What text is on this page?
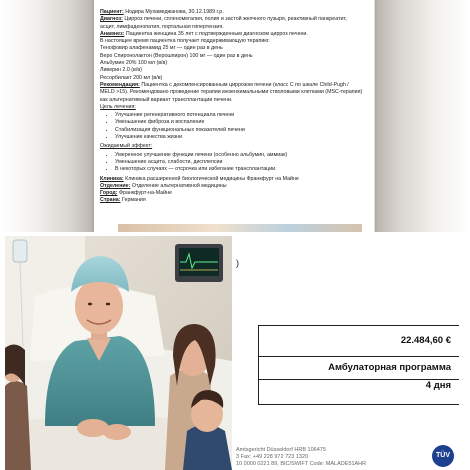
Пациент: Нодира Мухамеджанова, 30.12.1989 г.р.
Диагноз: Цирроз печени, спленомегалия, полип и застой желчного пузыря, реактивный панкреатит,
асцит, лимфаденопатия, портальная гипертензия.
Анамнез: Пациентка женщина 35 лет с подтвержденным диагнозом цирроз печени.
В настоящее время пациентка получает поддерживающую терапию:
Тенофовир алафенамид 25 мг — один раз в день
Веро Спиронолактон (Верошпирон) 100 мг — один раз в день
Альбумин 20% 100 мл (в/в)
Ливерин 2.0 (в/в)
Ресорбилакт 200 мл (в/в)
Рекомендация: Пациентка с декомпенсированным циррозом печени (класс C по шкале Child-Pugh /
MELD >15). Рекомендовано проведение терапии мезенхимальными стволовыми клетками (MSC-терапия)
как альтернативный вариант трансплантации печени.
Цель лечения:
• Улучшение регенеративного потенциала печени
• Уменьшение фиброза и воспаление
• Стабилизация функциональных показателей печени
• Улучшение качества жизни
Ожидаемый эффект:
• Умеренное улучшение функции печени (особенно альбумин, аммиак)
• Уменьшение асцита, слабости, дисплепсии
• В некоторых случаях — отсрочка или избегание трансплантации.
Клиника: Клиника расширенной биологической медицины Франкфурт на Майне
Отделение: Отделение альтернативной медицины
Город: Франкфурт-на-Майне
Страна: Германия
)
22.484,60 €
Амбулаторная программа
4 дня
Amtsgericht Düsseldorf HRB 106475
3 Fax: +49 228 972 723 1320
10 0000 0221 89, BIC/SWIFT Code: MALADE51AHR
TÜV
